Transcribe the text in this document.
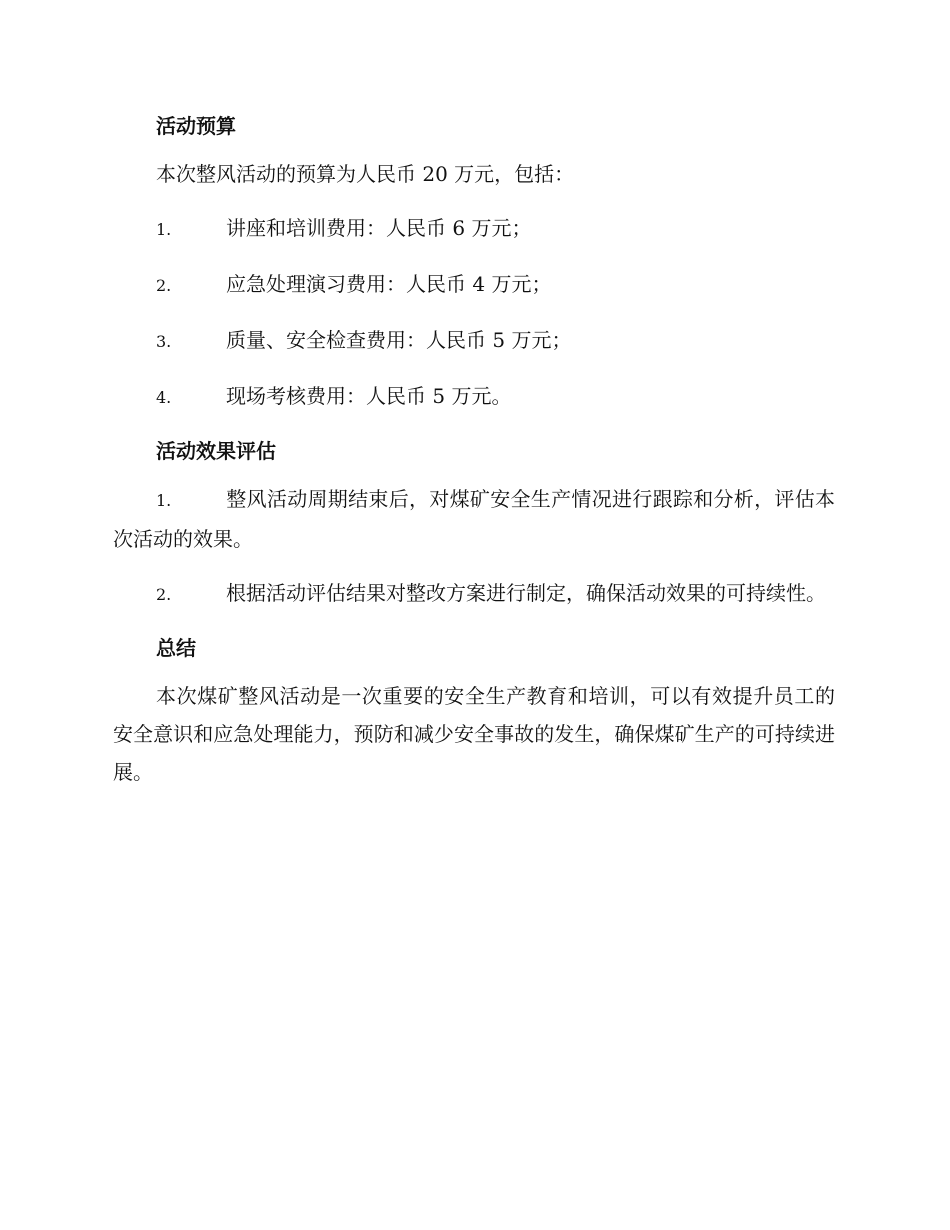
活动预算

本次整风活动的预算为人民币 20 万元，包括：

1.	讲座和培训费用：人民币 6 万元；

2.	应急处理演习费用：人民币 4 万元；

3.	质量、安全检查费用：人民币 5 万元；

4.	现场考核费用：人民币 5 万元。

活动效果评估

1.	整风活动周期结束后，对煤矿安全生产情况进行跟踪和分析，评估本次活动的效果。

2.	根据活动评估结果对整改方案进行制定，确保活动效果的可持续性。

总结

本次煤矿整风活动是一次重要的安全生产教育和培训，可以有效提升员工的安全意识和应急处理能力，预防和减少安全事故的发生，确保煤矿生产的可持续进展。
